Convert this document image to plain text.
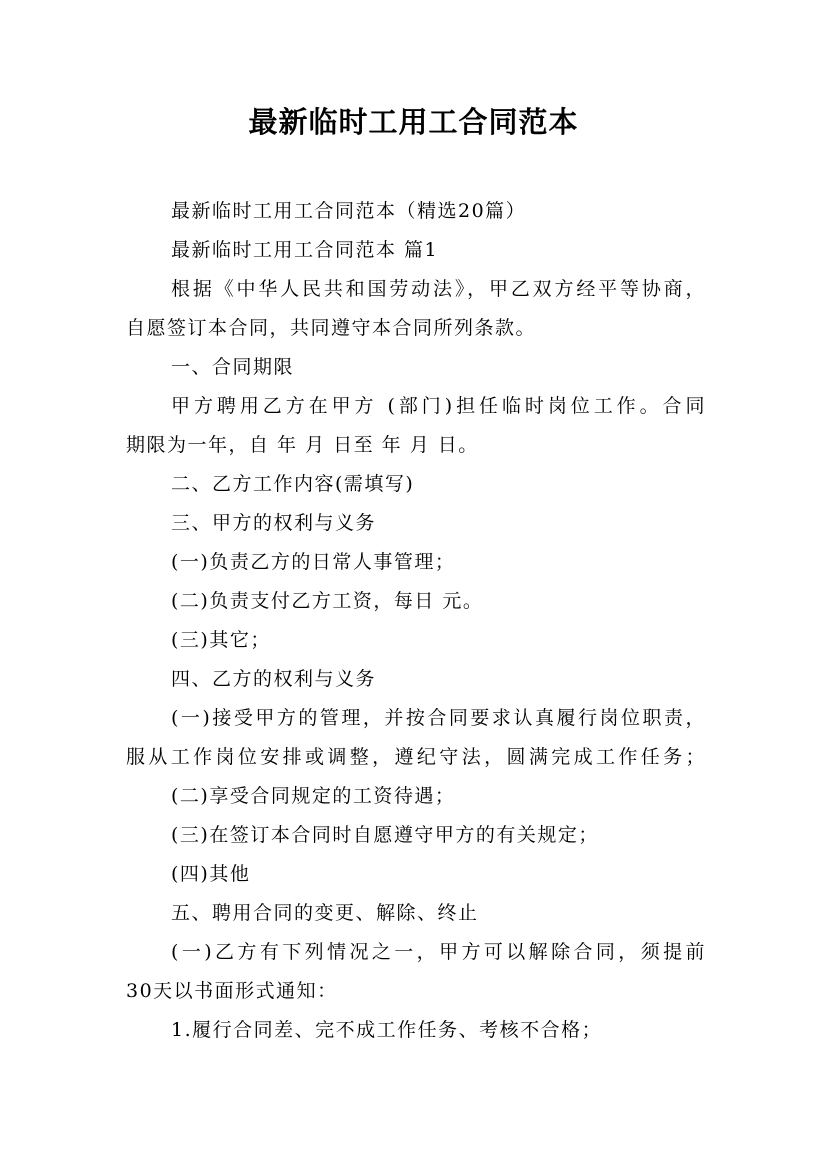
最新临时工用工合同范本

最新临时工用工合同范本（精选20篇）

最新临时工用工合同范本 篇1

根据《中华人民共和国劳动法》，甲乙双方经平等协商，

自愿签订本合同，共同遵守本合同所列条款。

一、合同期限

甲方聘用乙方在甲方 (部门)担任临时岗位工作。合同

期限为一年，自 年 月 日至 年 月 日。

二、乙方工作内容(需填写)

三、甲方的权利与义务

(一)负责乙方的日常人事管理；

(二)负责支付乙方工资，每日 元。

(三)其它；

四、乙方的权利与义务

(一)接受甲方的管理，并按合同要求认真履行岗位职责，

服从工作岗位安排或调整，遵纪守法，圆满完成工作任务；

(二)享受合同规定的工资待遇；

(三)在签订本合同时自愿遵守甲方的有关规定；

(四)其他

五、聘用合同的变更、解除、终止

(一)乙方有下列情况之一，甲方可以解除合同，须提前

30天以书面形式通知：

1.履行合同差、完不成工作任务、考核不合格；
